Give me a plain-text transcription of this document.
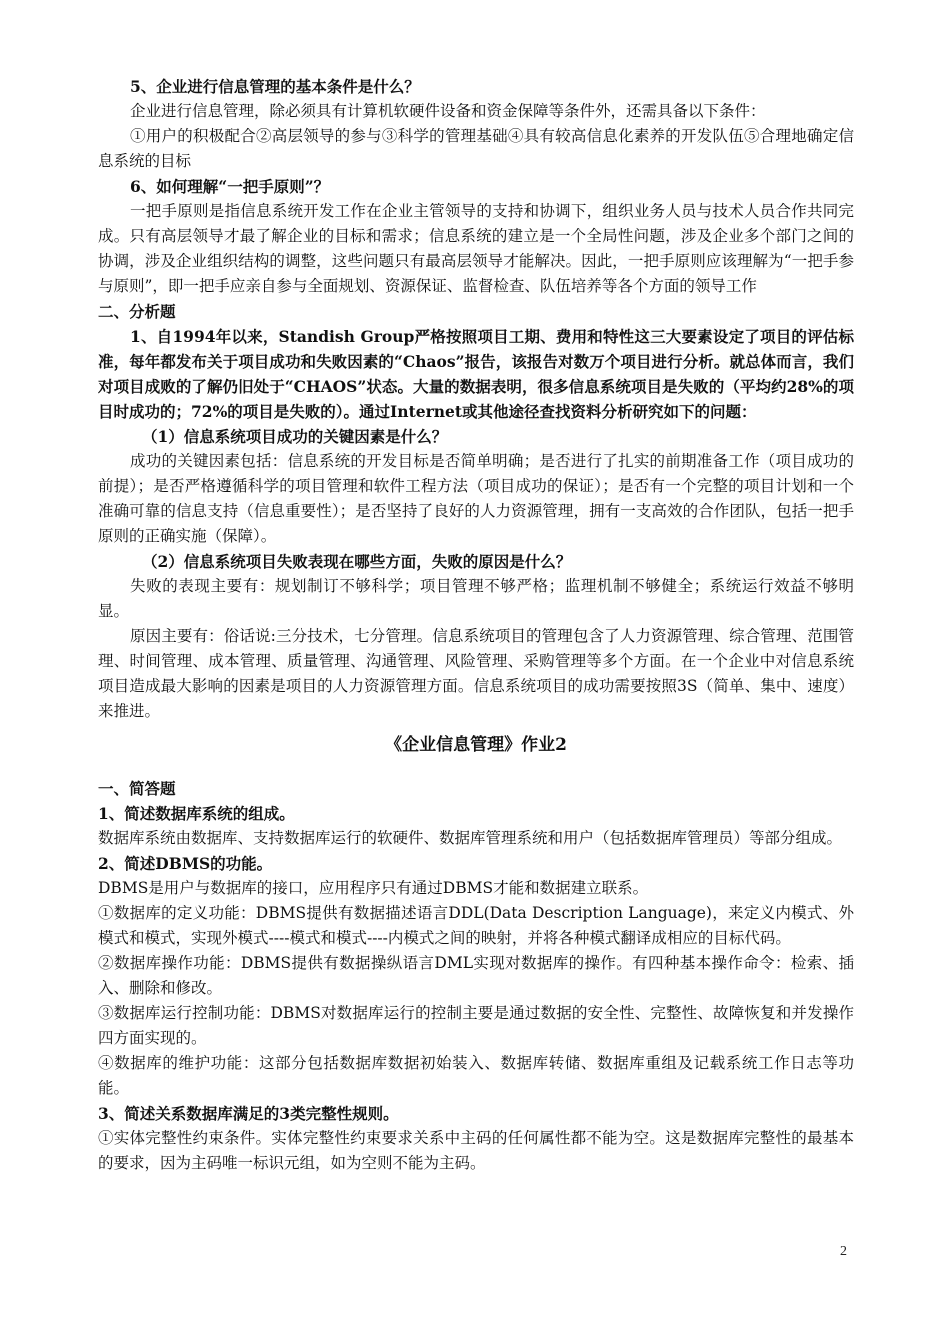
5、企业进行信息管理的基本条件是什么？

企业进行信息管理，除必须具有计算机软硬件设备和资金保障等条件外，还需具备以下条件：

①用户的积极配合②高层领导的参与③科学的管理基础④具有较高信息化素养的开发队伍⑤合理地确定信息系统的目标

6、如何理解“一把手原则”？

一把手原则是指信息系统开发工作在企业主管领导的支持和协调下，组织业务人员与技术人员合作共同完成。只有高层领导才最了解企业的目标和需求；信息系统的建立是一个全局性问题，涉及企业多个部门之间的协调，涉及企业组织结构的调整，这些问题只有最高层领导才能解决。因此，一把手原则应该理解为“一把手参与原则”，即一把手应亲自参与全面规划、资源保证、监督检查、队伍培养等各个方面的领导工作

二、分析题

1、自1994年以来，Standish Group严格按照项目工期、费用和特性这三大要素设定了项目的评估标准，每年都发布关于项目成功和失败因素的“Chaos”报告，该报告对数万个项目进行分析。就总体而言，我们对项目成败的了解仍旧处于“CHAOS”状态。大量的数据表明，很多信息系统项目是失败的（平均约28%的项目时成功的；72%的项目是失败的）。通过Internet或其他途径查找资料分析研究如下的问题：

（1）信息系统项目成功的关键因素是什么？

成功的关键因素包括：信息系统的开发目标是否简单明确；是否进行了扎实的前期准备工作（项目成功的前提）；是否严格遵循科学的项目管理和软件工程方法（项目成功的保证）；是否有一个完整的项目计划和一个准确可靠的信息支持（信息重要性）；是否坚持了良好的人力资源管理，拥有一支高效的合作团队，包括一把手原则的正确实施（保障）。

（2）信息系统项目失败表现在哪些方面，失败的原因是什么？

失败的表现主要有：规划制订不够科学；项目管理不够严格；监理机制不够健全；系统运行效益不够明显。

原因主要有：俗话说:三分技术，七分管理。信息系统项目的管理包含了人力资源管理、综合管理、范围管理、时间管理、成本管理、质量管理、沟通管理、风险管理、采购管理等多个方面。在一个企业中对信息系统项目造成最大影响的因素是项目的人力资源管理方面。信息系统项目的成功需要按照3S（简单、集中、速度）来推进。

《企业信息管理》作业2

一、简答题

1、简述数据库系统的组成。

数据库系统由数据库、支持数据库运行的软硬件、数据库管理系统和用户（包括数据库管理员）等部分组成。

2、简述DBMS的功能。

DBMS是用户与数据库的接口，应用程序只有通过DBMS才能和数据建立联系。

①数据库的定义功能：DBMS提供有数据描述语言DDL(Data Description Language)，来定义内模式、外模式和模式，实现外模式----模式和模式----内模式之间的映射，并将各种模式翻译成相应的目标代码。

②数据库操作功能：DBMS提供有数据操纵语言DML实现对数据库的操作。有四种基本操作命令：检索、插入、删除和修改。

③数据库运行控制功能：DBMS对数据库运行的控制主要是通过数据的安全性、完整性、故障恢复和并发操作四方面实现的。

④数据库的维护功能：这部分包括数据库数据初始装入、数据库转储、数据库重组及记载系统工作日志等功能。

3、简述关系数据库满足的3类完整性规则。

①实体完整性约束条件。实体完整性约束要求关系中主码的任何属性都不能为空。这是数据库完整性的最基本的要求，因为主码唯一标识元组，如为空则不能为主码。

2
